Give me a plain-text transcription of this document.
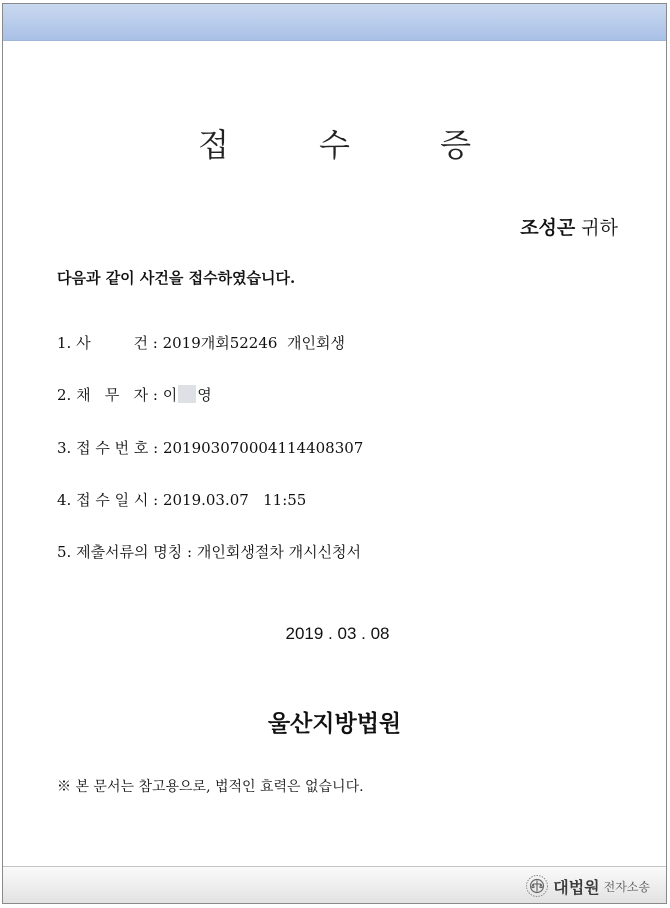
접 수 증
조성곤 귀하
다음과 같이 사건을 접수하였습니다.
1. 사         건 : 2019개회52246  개인회생
2. 채   무   자 : 이 영
3. 접 수 번 호 : 20190307000411440830​7
4. 접 수 일 시 : 2019.03.07   11:55
5. 제출서류의 명칭 : 개인회생절차 개시신청서
2019 . 03 . 08
울산지방법원
※ 본 문서는 참고용으로, 법적인 효력은 없습니다.
대법원 전자소송
